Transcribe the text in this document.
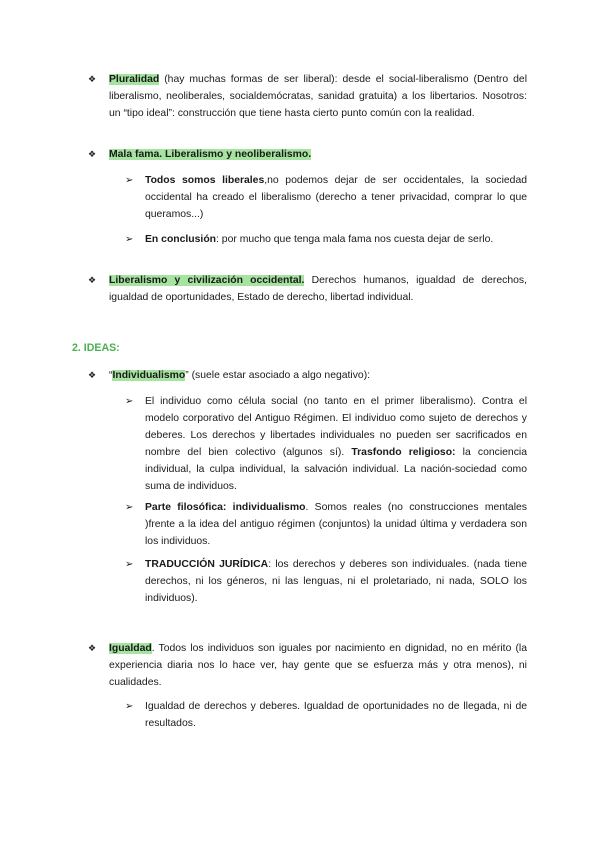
❖ Pluralidad (hay muchas formas de ser liberal): desde el social-liberalismo (Dentro del liberalismo, neoliberales, socialdemócratas, sanidad gratuita) a los libertarios. Nosotros: un “tipo ideal”: construcción que tiene hasta cierto punto común con la realidad.

❖ Mala fama. Liberalismo y neoliberalismo.

➢ Todos somos liberales,no podemos dejar de ser occidentales, la sociedad occidental ha creado el liberalismo (derecho a tener privacidad, comprar lo que queramos...)

➢ En conclusión: por mucho que tenga mala fama nos cuesta dejar de serlo.

❖ Liberalismo y civilización occidental. Derechos humanos, igualdad de derechos, igualdad de oportunidades, Estado de derecho, libertad individual.

2. IDEAS:
❖ “Individualismo” (suele estar asociado a algo negativo):

➢ El individuo como célula social (no tanto en el primer liberalismo). Contra el modelo corporativo del Antiguo Régimen. El individuo como sujeto de derechos y deberes. Los derechos y libertades individuales no pueden ser sacrificados en nombre del bien colectivo (algunos sí). Trasfondo religioso: la conciencia individual, la culpa individual, la salvación individual. La nación-sociedad como suma de individuos.

➢ Parte filosófica: individualismo. Somos reales (no construcciones mentales )frente a la idea del antiguo régimen (conjuntos) la unidad última y verdadera son los individuos.

➢ TRADUCCIÓN JURÍDICA: los derechos y deberes son individuales. (nada tiene derechos, ni los géneros, ni las lenguas, ni el proletariado, ni nada, SOLO los individuos).

❖ Igualdad. Todos los individuos son iguales por nacimiento en dignidad, no en mérito (la experiencia diaria nos lo hace ver, hay gente que se esfuerza más y otra menos), ni cualidades.

➢ Igualdad de derechos y deberes. Igualdad de oportunidades no de llegada, ni de resultados.
